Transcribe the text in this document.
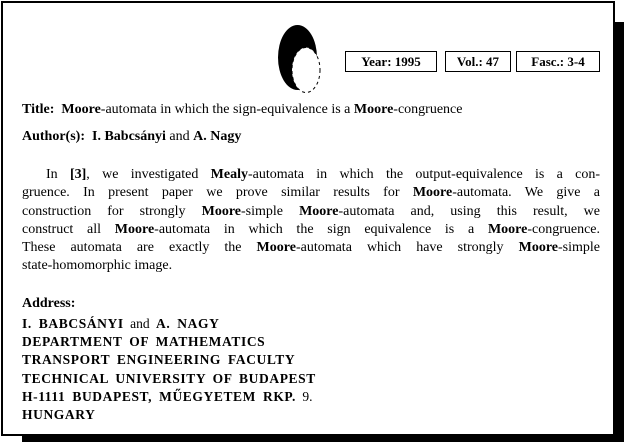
Year: 1995	Vol.: 47	Fasc.: 3-4
Title: Moore-automata in which the sign-equivalence is a Moore-congruence
Author(s): I. Babcsányi and A. Nagy
In [3], we investigated Mealy-automata in which the output-equivalence is a con-
gruence. In present paper we prove similar results for Moore-automata. We give a
construction for strongly Moore-simple Moore-automata and, using this result, we
construct all Moore-automata in which the sign equivalence is a Moore-congruence.
These automata are exactly the Moore-automata which have strongly Moore-simple
state-homomorphic image.
Address:
I. BABCSÁNYI and A. NAGY
DEPARTMENT OF MATHEMATICS
TRANSPORT ENGINEERING FACULTY
TECHNICAL UNIVERSITY OF BUDAPEST
H-1111 BUDAPEST, MŰEGYETEM RKP. 9.
HUNGARY
